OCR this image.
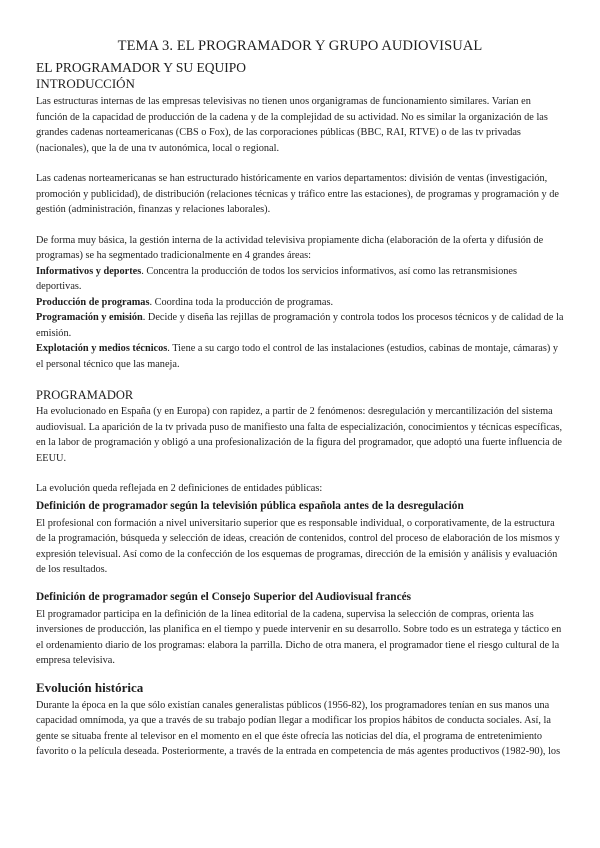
TEMA 3. EL PROGRAMADOR Y GRUPO AUDIOVISUAL
EL PROGRAMADOR Y SU EQUIPO
INTRODUCCIÓN

Las estructuras internas de las empresas televisivas no tienen unos organigramas de funcionamiento similares. Varían en función de la capacidad de producción de la cadena y de la complejidad de su actividad. No es similar la organización de las grandes cadenas norteamericanas (CBS o Fox), de las corporaciones públicas (BBC, RAI, RTVE) o de las tv privadas (nacionales), que la de una tv autonómica, local o regional.

Las cadenas norteamericanas se han estructurado históricamente en varios departamentos: división de ventas (investigación, promoción y publicidad), de distribución (relaciones técnicas y tráfico entre las estaciones), de programas y programación y de gestión (administración, finanzas y relaciones laborales).

De forma muy básica, la gestión interna de la actividad televisiva propiamente dicha (elaboración de la oferta y difusión de programas) se ha segmentado tradicionalmente en 4 grandes áreas:

Informativos y deportes. Concentra la producción de todos los servicios informativos, así como las retransmisiones deportivas.

Producción de programas. Coordina toda la producción de programas.

Programación y emisión. Decide y diseña las rejillas de programación y controla todos los procesos técnicos y de calidad de la emisión.

Explotación y medios técnicos. Tiene a su cargo todo el control de las instalaciones (estudios, cabinas de montaje, cámaras) y el personal técnico que las maneja.

PROGRAMADOR

Ha evolucionado en España (y en Europa) con rapidez, a partir de 2 fenómenos: desregulación y mercantilización del sistema audiovisual. La aparición de la tv privada puso de manifiesto una falta de especialización, conocimientos y técnicas específicas, en la labor de programación y obligó a una profesionalización de la figura del programador, que adoptó una fuerte influencia de EEUU.

La evolución queda reflejada en 2 definiciones de entidades públicas:

Definición de programador según la televisión pública española antes de la desregulación

El profesional con formación a nivel universitario superior que es responsable individual, o corporativamente, de la estructura de la programación, búsqueda y selección de ideas, creación de contenidos, control del proceso de elaboración de los mismos y expresión televisual. Así como de la confección de los esquemas de programas, dirección de la emisión y análisis y evaluación de los resultados.

Definición de programador según el Consejo Superior del Audiovisual francés

El programador participa en la definición de la línea editorial de la cadena, supervisa la selección de compras, orienta las inversiones de producción, las planifica en el tiempo y puede intervenir en su desarrollo. Sobre todo es un estratega y táctico en el ordenamiento diario de los programas: elabora la parrilla. Dicho de otra manera, el programador tiene el riesgo cultural de la empresa televisiva.

Evolución histórica

Durante la época en la que sólo existían canales generalistas públicos (1956-82), los programadores tenían en sus manos una capacidad omnímoda, ya que a través de su trabajo podían llegar a modificar los propios hábitos de conducta sociales. Así, la gente se situaba frente al televisor en el momento en el que éste ofrecía las noticias del día, el programa de entretenimiento favorito o la película deseada. Posteriormente, a través de la entrada en competencia de más agentes productivos (1982-90), los
